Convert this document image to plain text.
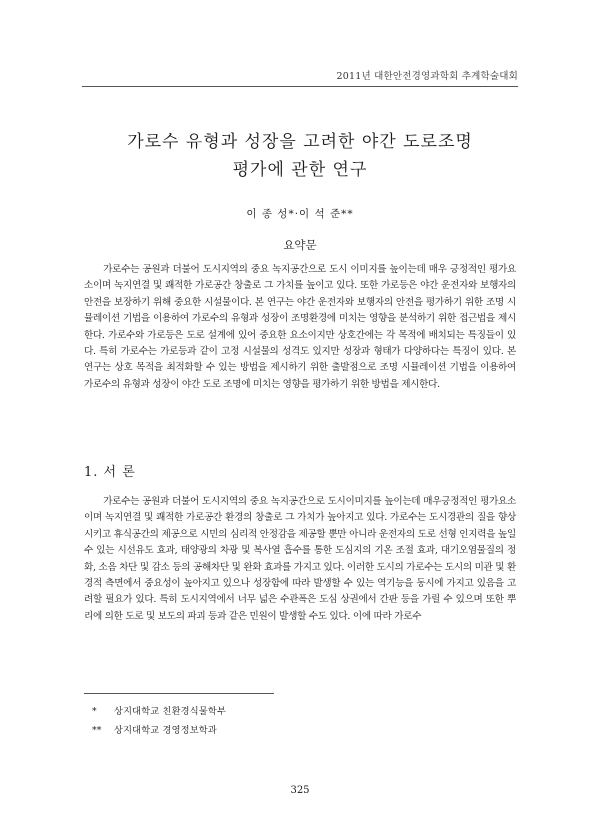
2011년 대한안전경영과학회 추계학술대회
가로수 유형과 성장을 고려한 야간 도로조명
평가에 관한 연구
이 종 성*·이 석 준**
요약문

가로수는 공원과 더불어 도시지역의 중요 녹지공간으로 도시 이미지를 높이는데 매우 긍정적인 평가요소이며 녹지연결 및 쾌적한 가로공간 창출로 그 가치를 높이고 있다. 또한 가로등은 야간 운전자와 보행자의 안전을 보장하기 위해 중요한 시설물이다. 본 연구는 야간 운전자와 보행자의 안전을 평가하기 위한 조명 시뮬레이션 기법을 이용하여 가로수의 유형과 성장이 조명환경에 미치는 영향을 분석하기 위한 접근법을 제시한다. 가로수와 가로등은 도로 설계에 있어 중요한 요소이지만 상호간에는 각 목적에 배치되는 특징들이 있다. 특히 가로수는 가로등과 같이 고정 시설물의 성격도 있지만 성장과 형태가 다양하다는 특징이 있다. 본 연구는 상호 목적을 최적화할 수 있는 방법을 제시하기 위한 출발점으로 조명 시뮬레이션 기법을 이용하여 가로수의 유형과 성장이 야간 도로 조명에 미치는 영향을 평가하기 위한 방법을 제시한다.

1. 서 론

가로수는 공원과 더불어 도시지역의 중요 녹지공간으로 도시이미지를 높이는데 매우긍정적인 평가요소이며 녹지연결 및 쾌적한 가로공간 환경의 창출로 그 가치가 높아지고 있다. 가로수는 도시경관의 질을 향상시키고 휴식공간의 제공으로 시민의 심리적 안정감을 제공할 뿐만 아니라 운전자의 도로 선형 인지력을 높일 수 있는 시선유도 효과, 태양광의 차광 및 복사열 흡수를 통한 도심지의 기온 조절 효과, 대기오염물질의 정화, 소음 차단 및 감소 등의 공해차단 및 완화 효과를 가지고 있다. 이러한 도시의 가로수는 도시의 미관 및 환경적 측면에서 중요성이 높아지고 있으나 성장함에 따라 발생할 수 있는 역기능을 동시에 가지고 있음을 고려할 필요가 있다. 특히 도시지역에서 너무 넓은 수관폭은 도심 상권에서 간판 등을 가릴 수 있으며 또한 뿌리에 의한 도로 및 보도의 파괴 등과 같은 민원이 발생할 수도 있다. 이에 따라 가로수

* 상지대학교 친환경식물학부
** 상지대학교 경영정보학과
325
